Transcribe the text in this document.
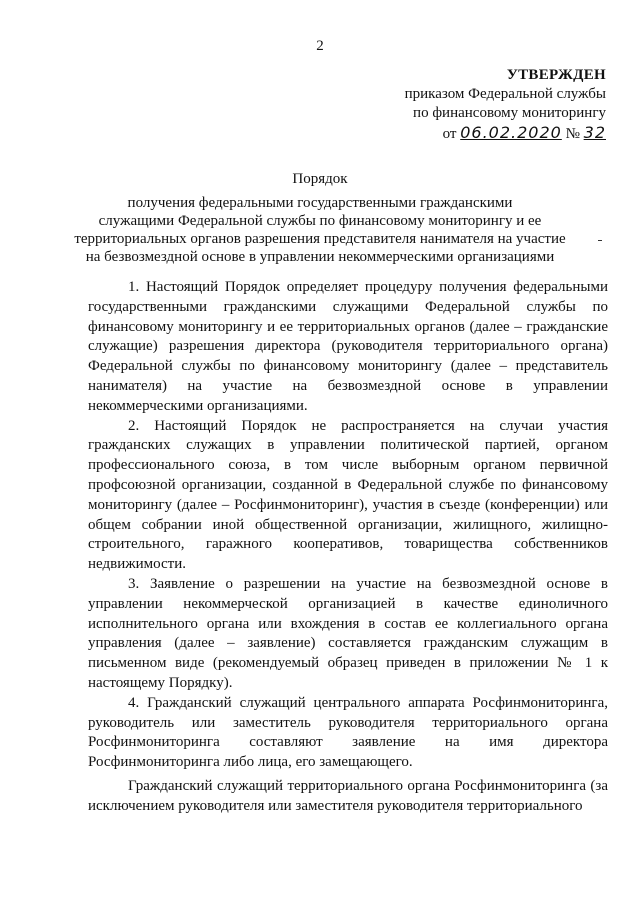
2
УТВЕРЖДЕН
приказом Федеральной службы
по финансовому мониторингу
от 06.02.2020 № 32
Порядок
получения федеральными государственными гражданскими
служащими Федеральной службы по финансовому мониторингу и ее
территориальных органов разрешения представителя нанимателя на участие
на безвозмездной основе в управлении некоммерческими организациями

1. Настоящий Порядок определяет процедуру получения федеральными государственными гражданскими служащими Федеральной службы по финансовому мониторингу и ее территориальных органов (далее – гражданские служащие) разрешения директора (руководителя территориального органа) Федеральной службы по финансовому мониторингу (далее – представитель нанимателя) на участие на безвозмездной основе в управлении некоммерческими организациями.

2. Настоящий Порядок не распространяется на случаи участия гражданских служащих в управлении политической партией, органом профессионального союза, в том числе выборным органом первичной профсоюзной организации, созданной в Федеральной службе по финансовому мониторингу (далее – Росфинмониторинг), участия в съезде (конференции) или общем собрании иной общественной организации, жилищного, жилищно-строительного, гаражного кооперативов, товарищества собственников недвижимости.

3. Заявление о разрешении на участие на безвозмездной основе в управлении некоммерческой организацией в качестве единоличного исполнительного органа или вхождения в состав ее коллегиального органа управления (далее – заявление) составляется гражданским служащим в письменном виде (рекомендуемый образец приведен в приложении № 1 к настоящему Порядку).

4. Гражданский служащий центрального аппарата Росфинмониторинга, руководитель или заместитель руководителя территориального органа Росфинмониторинга составляют заявление на имя директора Росфинмониторинга либо лица, его замещающего.

Гражданский служащий территориального органа Росфинмониторинга (за исключением руководителя или заместителя руководителя территориального
